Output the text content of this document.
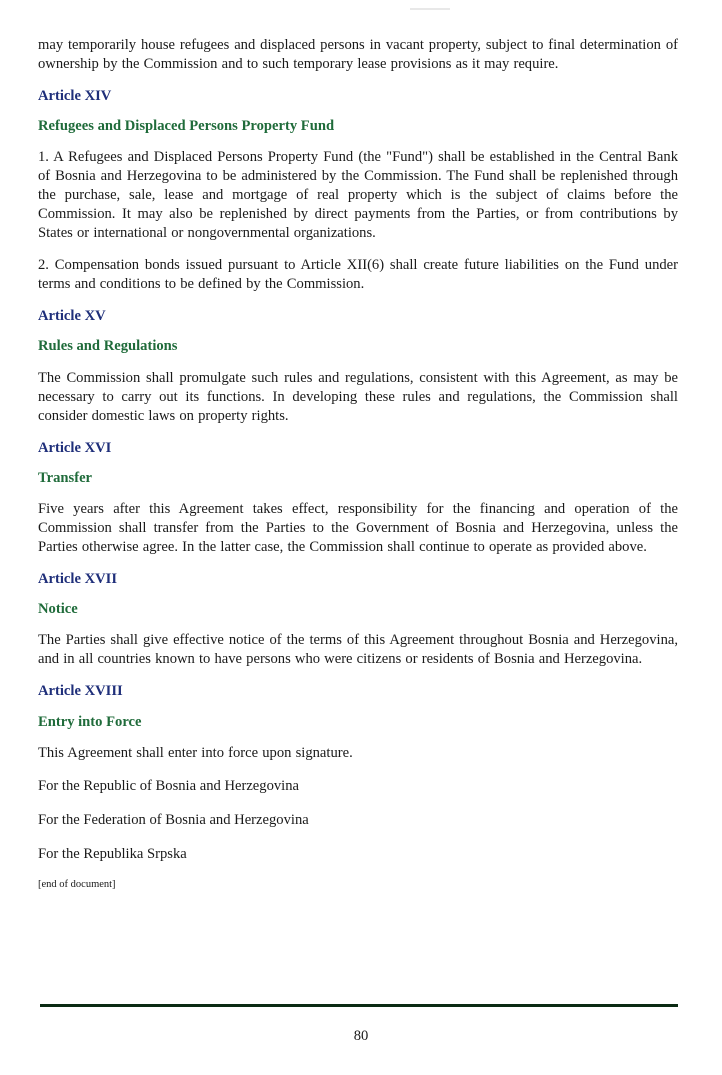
may temporarily house refugees and displaced persons in vacant property, subject to final determination of ownership by the Commission and to such temporary lease provisions as it may require.

Article XIV
Refugees and Displaced Persons Property Fund

1. A Refugees and Displaced Persons Property Fund (the "Fund") shall be established in the Central Bank of Bosnia and Herzegovina to be administered by the Commission. The Fund shall be replenished through the purchase, sale, lease and mortgage of real property which is the subject of claims before the Commission. It may also be replenished by direct payments from the Parties, or from contributions by States or international or nongovernmental organizations.

2. Compensation bonds issued pursuant to Article XII(6) shall create future liabilities on the Fund under terms and conditions to be defined by the Commission.

Article XV
Rules and Regulations

The Commission shall promulgate such rules and regulations, consistent with this Agreement, as may be necessary to carry out its functions. In developing these rules and regulations, the Commission shall consider domestic laws on property rights.

Article XVI
Transfer

Five years after this Agreement takes effect, responsibility for the financing and operation of the Commission shall transfer from the Parties to the Government of Bosnia and Herzegovina, unless the Parties otherwise agree. In the latter case, the Commission shall continue to operate as provided above.

Article XVII
Notice

The Parties shall give effective notice of the terms of this Agreement throughout Bosnia and Herzegovina, and in all countries known to have persons who were citizens or residents of Bosnia and Herzegovina.

Article XVIII
Entry into Force

This Agreement shall enter into force upon signature.

For the Republic of Bosnia and Herzegovina

For the Federation of Bosnia and Herzegovina

For the Republika Srpska

[end of document]

80
